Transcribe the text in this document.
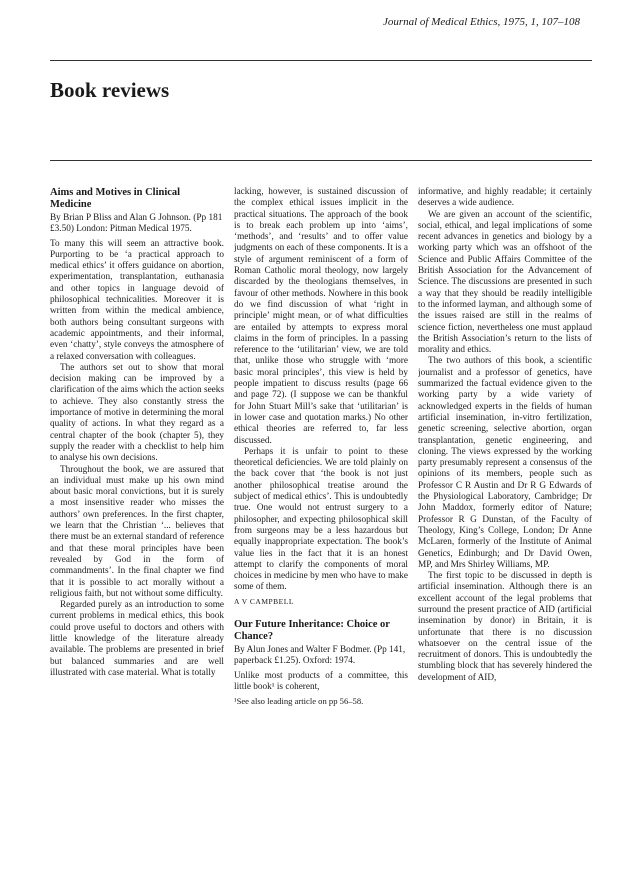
Journal of Medical Ethics, 1975, 1, 107–108
Book reviews
Aims and Motives in Clinical Medicine

By Brian P Bliss and Alan G Johnson. (Pp 181 £3.50) London: Pitman Medical 1975.

To many this will seem an attractive book. Purporting to be ‘a practical approach to medical ethics’ it offers guidance on abortion, experimentation, transplantation, euthanasia and other topics in language devoid of philosophical technicalities. Moreover it is written from within the medical ambience, both authors being consultant surgeons with academic appointments, and their informal, even ‘chatty’, style conveys the atmosphere of a relaxed conversation with colleagues.

The authors set out to show that moral decision making can be improved by a clarification of the aims which the action seeks to achieve. They also constantly stress the importance of motive in determining the moral quality of actions. In what they regard as a central chapter of the book (chapter 5), they supply the reader with a checklist to help him to analyse his own decisions.

Throughout the book, we are assured that an individual must make up his own mind about basic moral convictions, but it is surely a most insensitive reader who misses the authors’ own preferences. In the first chapter, we learn that the Christian ‘... believes that there must be an external standard of reference and that these moral principles have been revealed by God in the form of commandments’. In the final chapter we find that it is possible to act morally without a religious faith, but not without some difficulty.

Regarded purely as an introduction to some current problems in medical ethics, this book could prove useful to doctors and others with little knowledge of the literature already available. The problems are presented in brief but balanced summaries and are well illustrated with case material. What is totally

lacking, however, is sustained discussion of the complex ethical issues implicit in the practical situations. The approach of the book is to break each problem up into ‘aims’, ‘methods’, and ‘results’ and to offer value judgments on each of these components. It is a style of argument reminiscent of a form of Roman Catholic moral theology, now largely discarded by the theologians themselves, in favour of other methods. Nowhere in this book do we find discussion of what ‘right in principle’ might mean, or of what difficulties are entailed by attempts to express moral claims in the form of principles. In a passing reference to the ‘utilitarian’ view, we are told that, unlike those who struggle with ‘more basic moral principles’, this view is held by people impatient to discuss results (page 66 and page 72). (I suppose we can be thankful for John Stuart Mill’s sake that ‘utilitarian’ is in lower case and quotation marks.) No other ethical theories are referred to, far less discussed.

Perhaps it is unfair to point to these theoretical deficiencies. We are told plainly on the back cover that ‘the book is not just another philosophical treatise around the subject of medical ethics’. This is undoubtedly true. One would not entrust surgery to a philosopher, and expecting philosophical skill from surgeons may be a less hazardous but equally inappropriate expectation. The book’s value lies in the fact that it is an honest attempt to clarify the components of moral choices in medicine by men who have to make some of them.

A V CAMPBELL

Our Future Inheritance: Choice or Chance?

By Alun Jones and Walter F Bodmer. (Pp 141, paperback £1.25). Oxford: 1974.

Unlike most products of a committee, this little book¹ is coherent,

¹See also leading article on pp 56–58.

informative, and highly readable; it certainly deserves a wide audience.

We are given an account of the scientific, social, ethical, and legal implications of some recent advances in genetics and biology by a working party which was an offshoot of the Science and Public Affairs Committee of the British Association for the Advancement of Science. The discussions are presented in such a way that they should be readily intelligible to the informed layman, and although some of the issues raised are still in the realms of science fiction, nevertheless one must applaud the British Association’s return to the lists of morality and ethics.

The two authors of this book, a scientific journalist and a professor of genetics, have summarized the factual evidence given to the working party by a wide variety of acknowledged experts in the fields of human artificial insemination, in-vitro fertilization, genetic screening, selective abortion, organ transplantation, genetic engineering, and cloning. The views expressed by the working party presumably represent a consensus of the opinions of its members, people such as Professor C R Austin and Dr R G Edwards of the Physiological Laboratory, Cambridge; Dr John Maddox, formerly editor of Nature; Professor R G Dunstan, of the Faculty of Theology, King’s College, London; Dr Anne McLaren, formerly of the Institute of Animal Genetics, Edinburgh; and Dr David Owen, MP, and Mrs Shirley Williams, MP.

The first topic to be discussed in depth is artificial insemination. Although there is an excellent account of the legal problems that surround the present practice of AID (artificial insemination by donor) in Britain, it is unfortunate that there is no discussion whatsoever on the central issue of the recruitment of donors. This is undoubtedly the stumbling block that has severely hindered the development of AID,
